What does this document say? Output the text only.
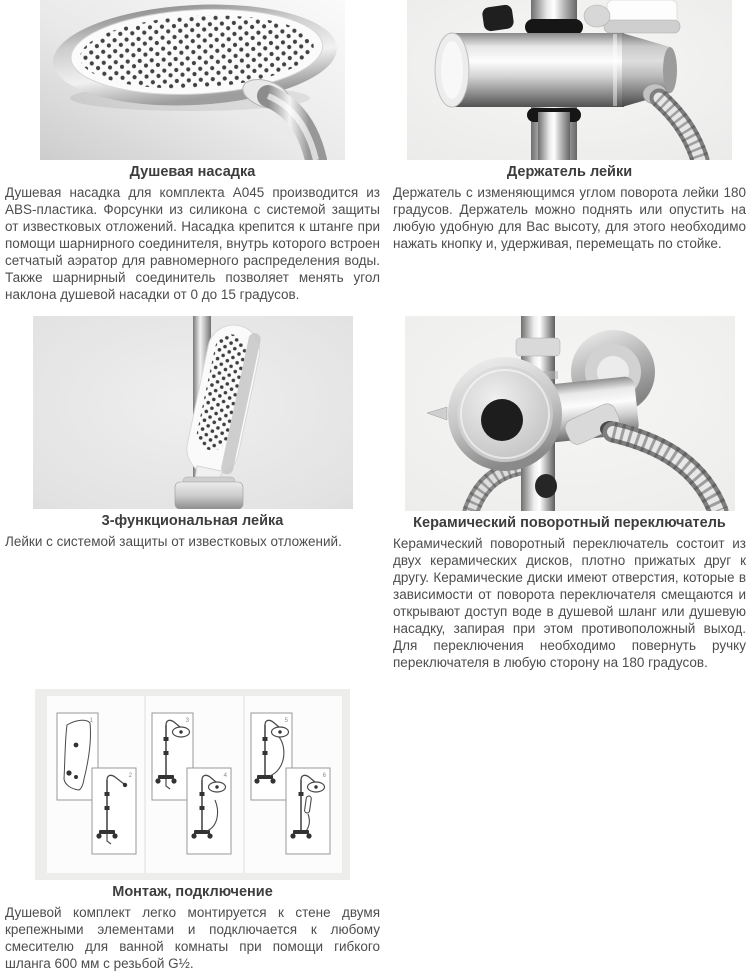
Душевая насадка

Душевая насадка для комплекта A045 производится из ABS-пластика. Форсунки из силикона с системой защиты от известковых отложений. Насадка крепится к штанге при помощи шарнирного соединителя, внутрь которого встроен сетчатый аэратор для равномерного распределения воды. Также шарнирный соединитель позволяет менять угол наклона душевой насадки от 0 до 15 градусов.

Держатель лейки

Держатель с изменяющимся углом поворота лейки 180 градусов. Держатель можно поднять или опустить на любую удобную для Вас высоту, для этого необходимо нажать кнопку и, удерживая, перемещать по стойке.

3-функциональная лейка

Лейки с системой защиты от известковых отложений.

Керамический поворотный переключатель

Керамический поворотный переключатель состоит из двух керамических дисков, плотно прижатых друг к другу. Керамические диски имеют отверстия, которые в зависимости от поворота переключателя смещаются и открывают доступ воде в душевой шланг или душевую насадку, запирая при этом противоположный выход. Для переключения необходимо повернуть ручку переключателя в любую сторону на 180 градусов.

1
2
3
4
5
6
Монтаж, подключение

Душевой комплект легко монтируется к стене двумя крепежными элементами и подключается к любому смесителю для ванной комнаты при помощи гибкого шланга 600 мм с резьбой G½.
